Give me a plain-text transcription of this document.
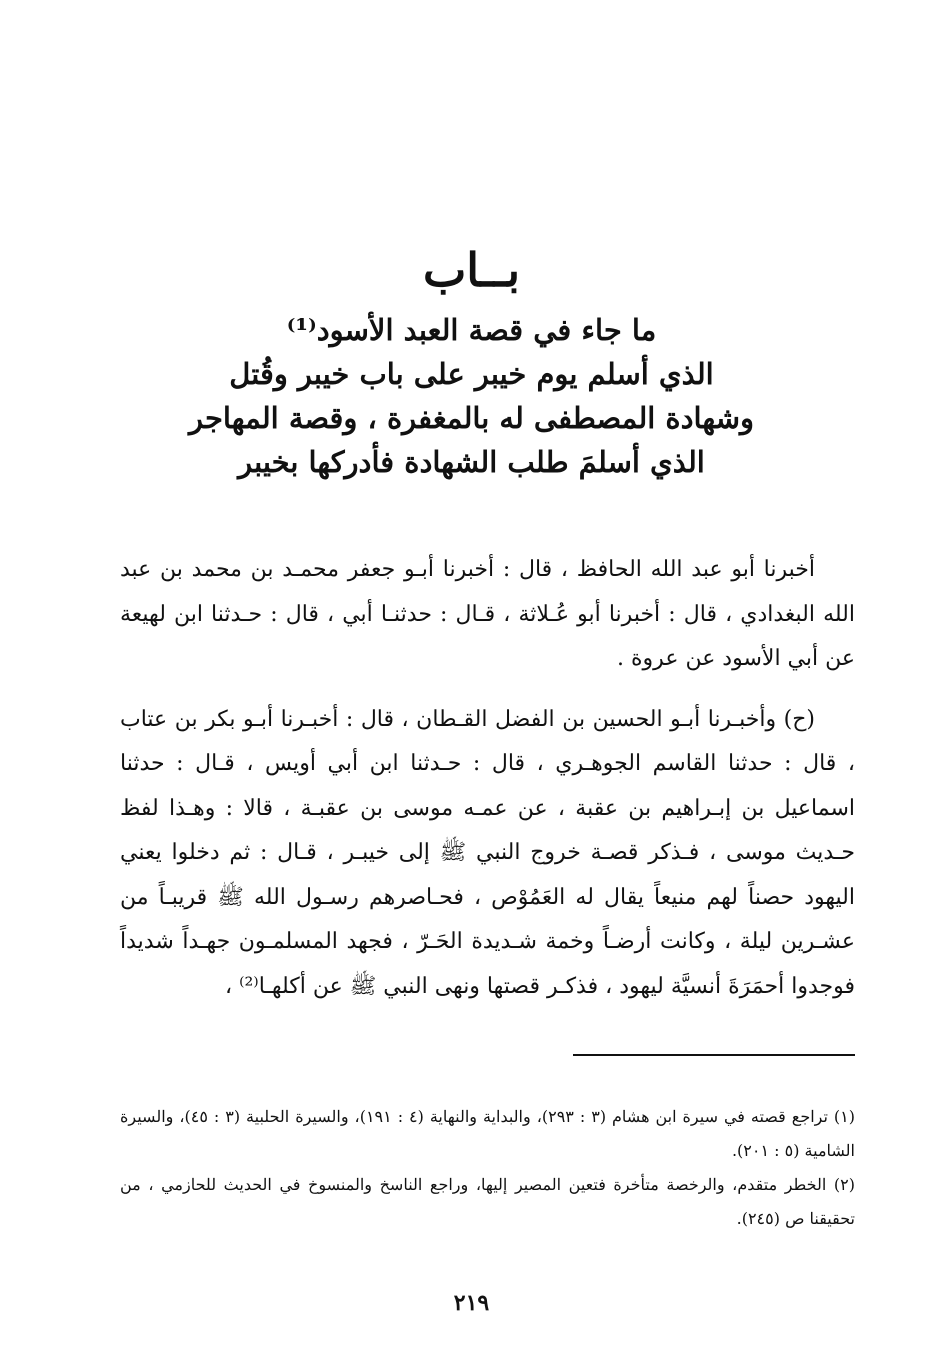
بــاب
ما جاء في قصة العبد الأسود⁽¹⁾
الذي أسلم يوم خيبر على باب خيبر وقُتل
وشهادة المصطفى له بالمغفرة ، وقصة المهاجر
الذي أسلمَ طلب الشهادة فأدركها بخيبر

أخبرنا أبو عبد الله الحافظ ، قال : أخبرنا أبـو جعفر محمـد بن محمد بن عبد الله البغدادي ، قال : أخبرنا أبو عُـلاثة ، قـال : حدثنـا أبي ، قال : حـدثنا ابن لهيعة عن أبي الأسود عن عروة .

(ح) وأخبـرنا أبـو الحسين بن الفضل القـطان ، قال : أخبـرنا أبـو بكر بن عتاب ، قال : حدثنا القاسم الجوهـري ، قال : حـدثنا ابن أبي أويس ، قـال : حدثنا اسماعيل بن إبـراهيم بن عقبة ، عن عمـه موسى بن عقبـة ، قالا : وهـذا لفظ حـديث موسى ، فـذكر قصـة خروج النبي ﷺ إلى خيبـر ، قـال : ثم دخلوا يعني اليهود حصناً لهم منيعاً يقال له العَمُوْص ، فحـاصرهم رسـول الله ﷺ قريبـاً من عشـرين ليلة ، وكانت أرضـاً وخمة شـديدة الحَـرّ ، فجهد المسلمـون جهـداً شديداً فوجدوا أحمَرَةَ أنسيَّة ليهود ، فذكـر قصتها ونهى النبي ﷺ عن أكلهـا⁽²⁾ ،

(١) تراجع قصته في سيرة ابن هشام (٣ : ٢٩٣)، والبداية والنهاية (٤ : ١٩١)، والسيرة الحلبية (٣ : ٤٥)، والسيرة الشامية (٥ : ٢٠١).

(٢) الخطر متقدم، والرخصة متأخرة فتعين المصير إليها، وراجع الناسخ والمنسوخ في الحديث للحازمي ، من تحقيقنا ص (٢٤٥).

٢١٩
